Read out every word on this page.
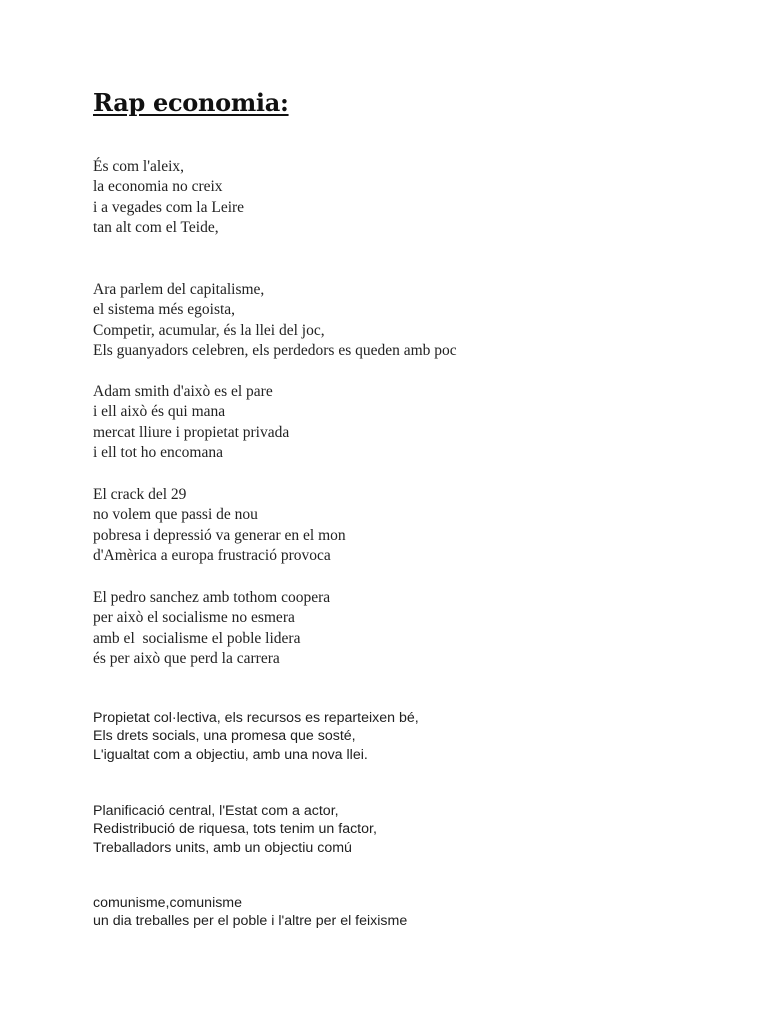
Rap economia:
És com l'aleix,
la economia no creix
i a vegades com la Leire
tan alt com el Teide,
Ara parlem del capitalisme,
el sistema més egoista,
Competir, acumular, és la llei del joc,
Els guanyadors celebren, els perdedors es queden amb poc
Adam smith d'això es el pare
i ell això és qui mana
mercat lliure i propietat privada
i ell tot ho encomana
El crack del 29
no volem que passi de nou
pobresa i depressió va generar en el mon
d'Amèrica a europa frustració provoca
El pedro sanchez amb tothom coopera
per això el socialisme no esmera
amb el  socialisme el poble lidera
és per això que perd la carrera
Propietat col·lectiva, els recursos es reparteixen bé,
Els drets socials, una promesa que sosté,
L'igualtat com a objectiu, amb una nova llei.
Planificació central, l'Estat com a actor,
Redistribució de riquesa, tots tenim un factor,
Treballadors units, amb un objectiu comú
comunisme,comunisme
un dia treballes per el poble i l'altre per el feixisme
